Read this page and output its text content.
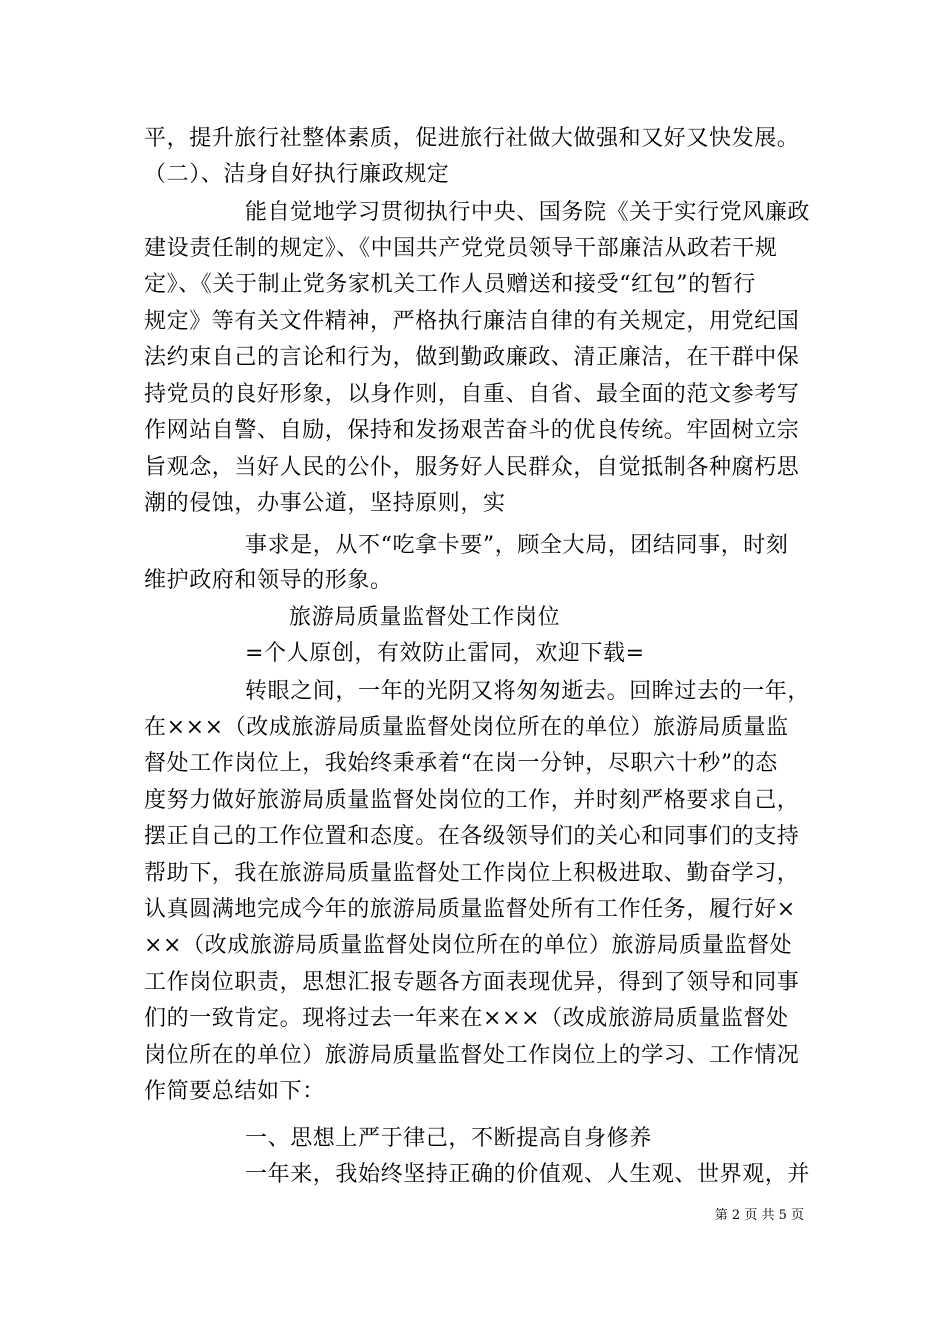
平，提升旅行社整体素质，促进旅行社做大做强和又好又快发展。
（二）、洁身自好执行廉政规定
能自觉地学习贯彻执行中央、国务院《关于实行党风廉政
建设责任制的规定》、《中国共产党党员领导干部廉洁从政若干规
定》、《关于制止党务家机关工作人员赠送和接受“红包”的暂行
规定》等有关文件精神，严格执行廉洁自律的有关规定，用党纪国
法约束自己的言论和行为，做到勤政廉政、清正廉洁，在干群中保
持党员的良好形象，以身作则，自重、自省、最全面的范文参考写
作网站自警、自励，保持和发扬艰苦奋斗的优良传统。牢固树立宗
旨观念，当好人民的公仆，服务好人民群众，自觉抵制各种腐朽思
潮的侵蚀，办事公道，坚持原则，实
事求是，从不“吃拿卡要”，顾全大局，团结同事，时刻
维护政府和领导的形象。
旅游局质量监督处工作岗位
=个人原创，有效防止雷同，欢迎下载=
转眼之间，一年的光阴又将匆匆逝去。回眸过去的一年，
在×××（改成旅游局质量监督处岗位所在的单位）旅游局质量监
督处工作岗位上，我始终秉承着“在岗一分钟，尽职六十秒”的态
度努力做好旅游局质量监督处岗位的工作，并时刻严格要求自己，
摆正自己的工作位置和态度。在各级领导们的关心和同事们的支持
帮助下，我在旅游局质量监督处工作岗位上积极进取、勤奋学习，
认真圆满地完成今年的旅游局质量监督处所有工作任务，履行好×
××（改成旅游局质量监督处岗位所在的单位）旅游局质量监督处
工作岗位职责，思想汇报专题各方面表现优异，得到了领导和同事
们的一致肯定。现将过去一年来在×××（改成旅游局质量监督处
岗位所在的单位）旅游局质量监督处工作岗位上的学习、工作情况
作简要总结如下：
一、思想上严于律己，不断提高自身修养
一年来，我始终坚持正确的价值观、人生观、世界观，并
第 2 页 共 5 页
